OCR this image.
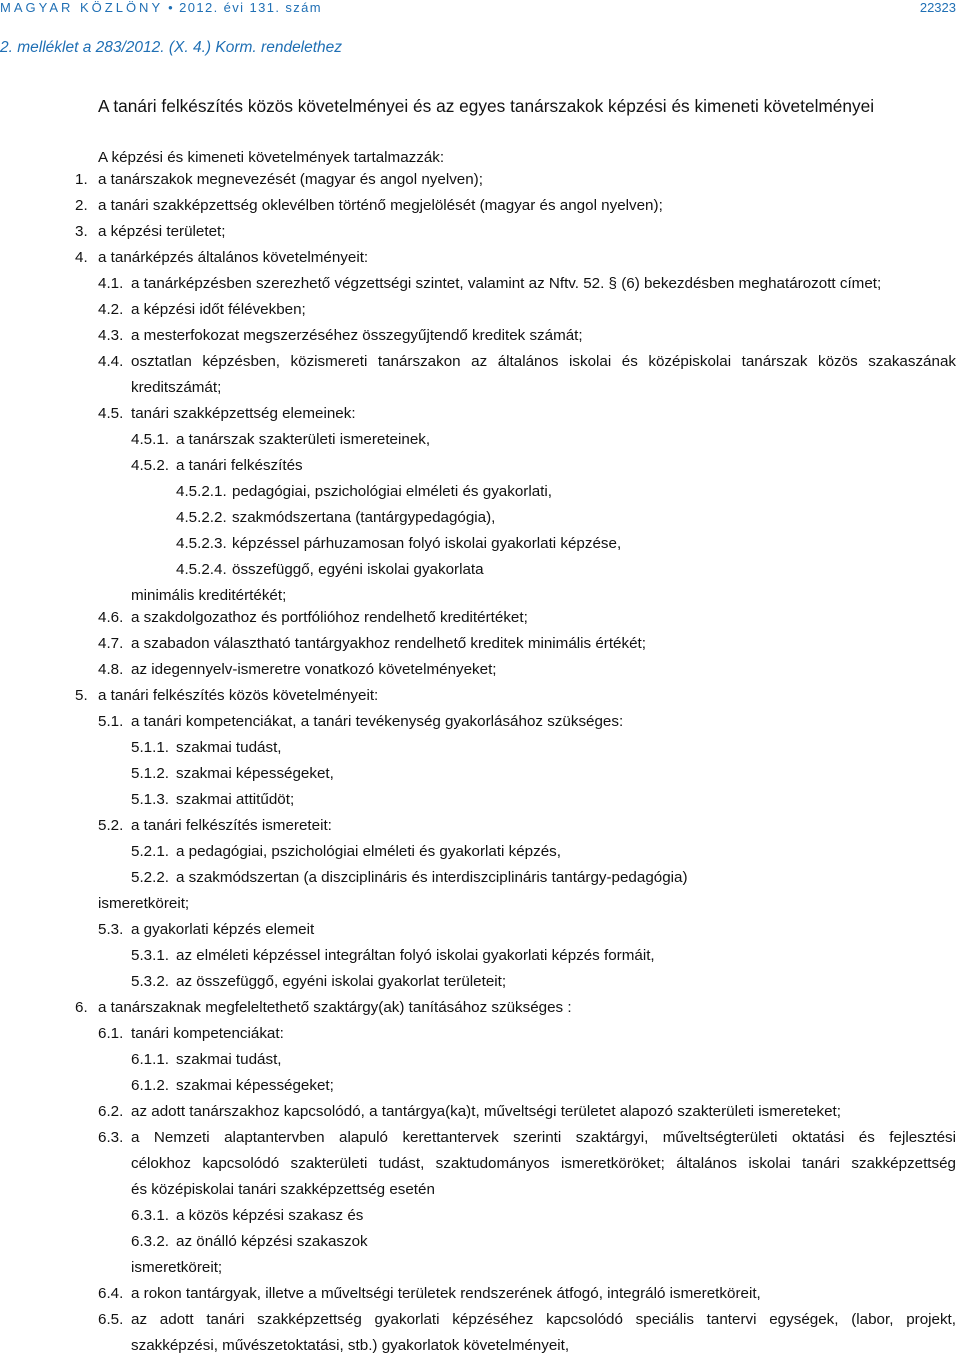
MAGYAR KÖZLÖNY • 2012. évi 131. szám	22323
2. melléklet a 283/2012. (X. 4.) Korm. rendelethez
A tanári felkészítés közös követelményei és az egyes tanárszakok képzési és kimeneti követelményei
A képzési és kimeneti követelmények tartalmazzák:
1. a tanárszakok megnevezését (magyar és angol nyelven);
2. a tanári szakképzettség oklevélben történő megjelölését (magyar és angol nyelven);
3. a képzési területet;
4. a tanárképzés általános követelményeit:
4.1. a tanárképzésben szerezhető végzettségi szintet, valamint az Nftv. 52. § (6) bekezdésben meghatározott címet;
4.2. a képzési időt félévekben;
4.3. a mesterfokozat megszerzéséhez összegyűjtendő kreditek számát;
4.4. osztatlan képzésben, közismereti tanárszakon az általános iskolai és középiskolai tanárszak közös szakaszának
kreditszámát;
4.5. tanári szakképzettség elemeinek:
4.5.1. a tanárszak szakterületi ismereteinek,
4.5.2. a tanári felkészítés
4.5.2.1. pedagógiai, pszichológiai elméleti és gyakorlati,
4.5.2.2. szakmódszertana (tantárgypedagógia),
4.5.2.3. képzéssel párhuzamosan folyó iskolai gyakorlati képzése,
4.5.2.4. összefüggő, egyéni iskolai gyakorlata
minimális kreditértékét;
4.6. a szakdolgozathoz és portfólióhoz rendelhető kreditértéket;
4.7. a szabadon választható tantárgyakhoz rendelhető kreditek minimális értékét;
4.8. az idegennyelv-ismeretre vonatkozó követelményeket;
5. a tanári felkészítés közös követelményeit:
5.1. a tanári kompetenciákat, a tanári tevékenység gyakorlásához szükséges:
5.1.1. szakmai tudást,
5.1.2. szakmai képességeket,
5.1.3. szakmai attitűdöt;
5.2. a tanári felkészítés ismereteit:
5.2.1. a pedagógiai, pszichológiai elméleti és gyakorlati képzés,
5.2.2. a szakmódszertan (a diszciplináris és interdiszciplináris tantárgy-pedagógia)
ismeretköreit;
5.3. a gyakorlati képzés elemeit
5.3.1. az elméleti képzéssel integráltan folyó iskolai gyakorlati képzés formáit,
5.3.2. az összefüggő, egyéni iskolai gyakorlat területeit;
6. a tanárszaknak megfeleltethető szaktárgy(ak) tanításához szükséges :
6.1. tanári kompetenciákat:
6.1.1. szakmai tudást,
6.1.2. szakmai képességeket;
6.2. az adott tanárszakhoz kapcsolódó, a tantárgya(ka)t, műveltségi területet alapozó szakterületi ismereteket;
6.3. a Nemzeti alaptantervben alapuló kerettantervek szerinti szaktárgyi, műveltségterületi oktatási és fejlesztési
célokhoz kapcsolódó szakterületi tudást, szaktudományos ismeretköröket; általános iskolai tanári szakképzettség
és középiskolai tanári szakképzettség esetén
6.3.1. a közös képzési szakasz és
6.3.2. az önálló képzési szakaszok
ismeretköreit;
6.4. a rokon tantárgyak, illetve a műveltségi területek rendszerének átfogó, integráló ismeretköreit,
6.5. az adott tanári szakképzettség gyakorlati képzéséhez kapcsolódó speciális tantervi egységek, (labor, projekt,
szakképzési, művészetoktatási, stb.) gyakorlatok követelményeit,
